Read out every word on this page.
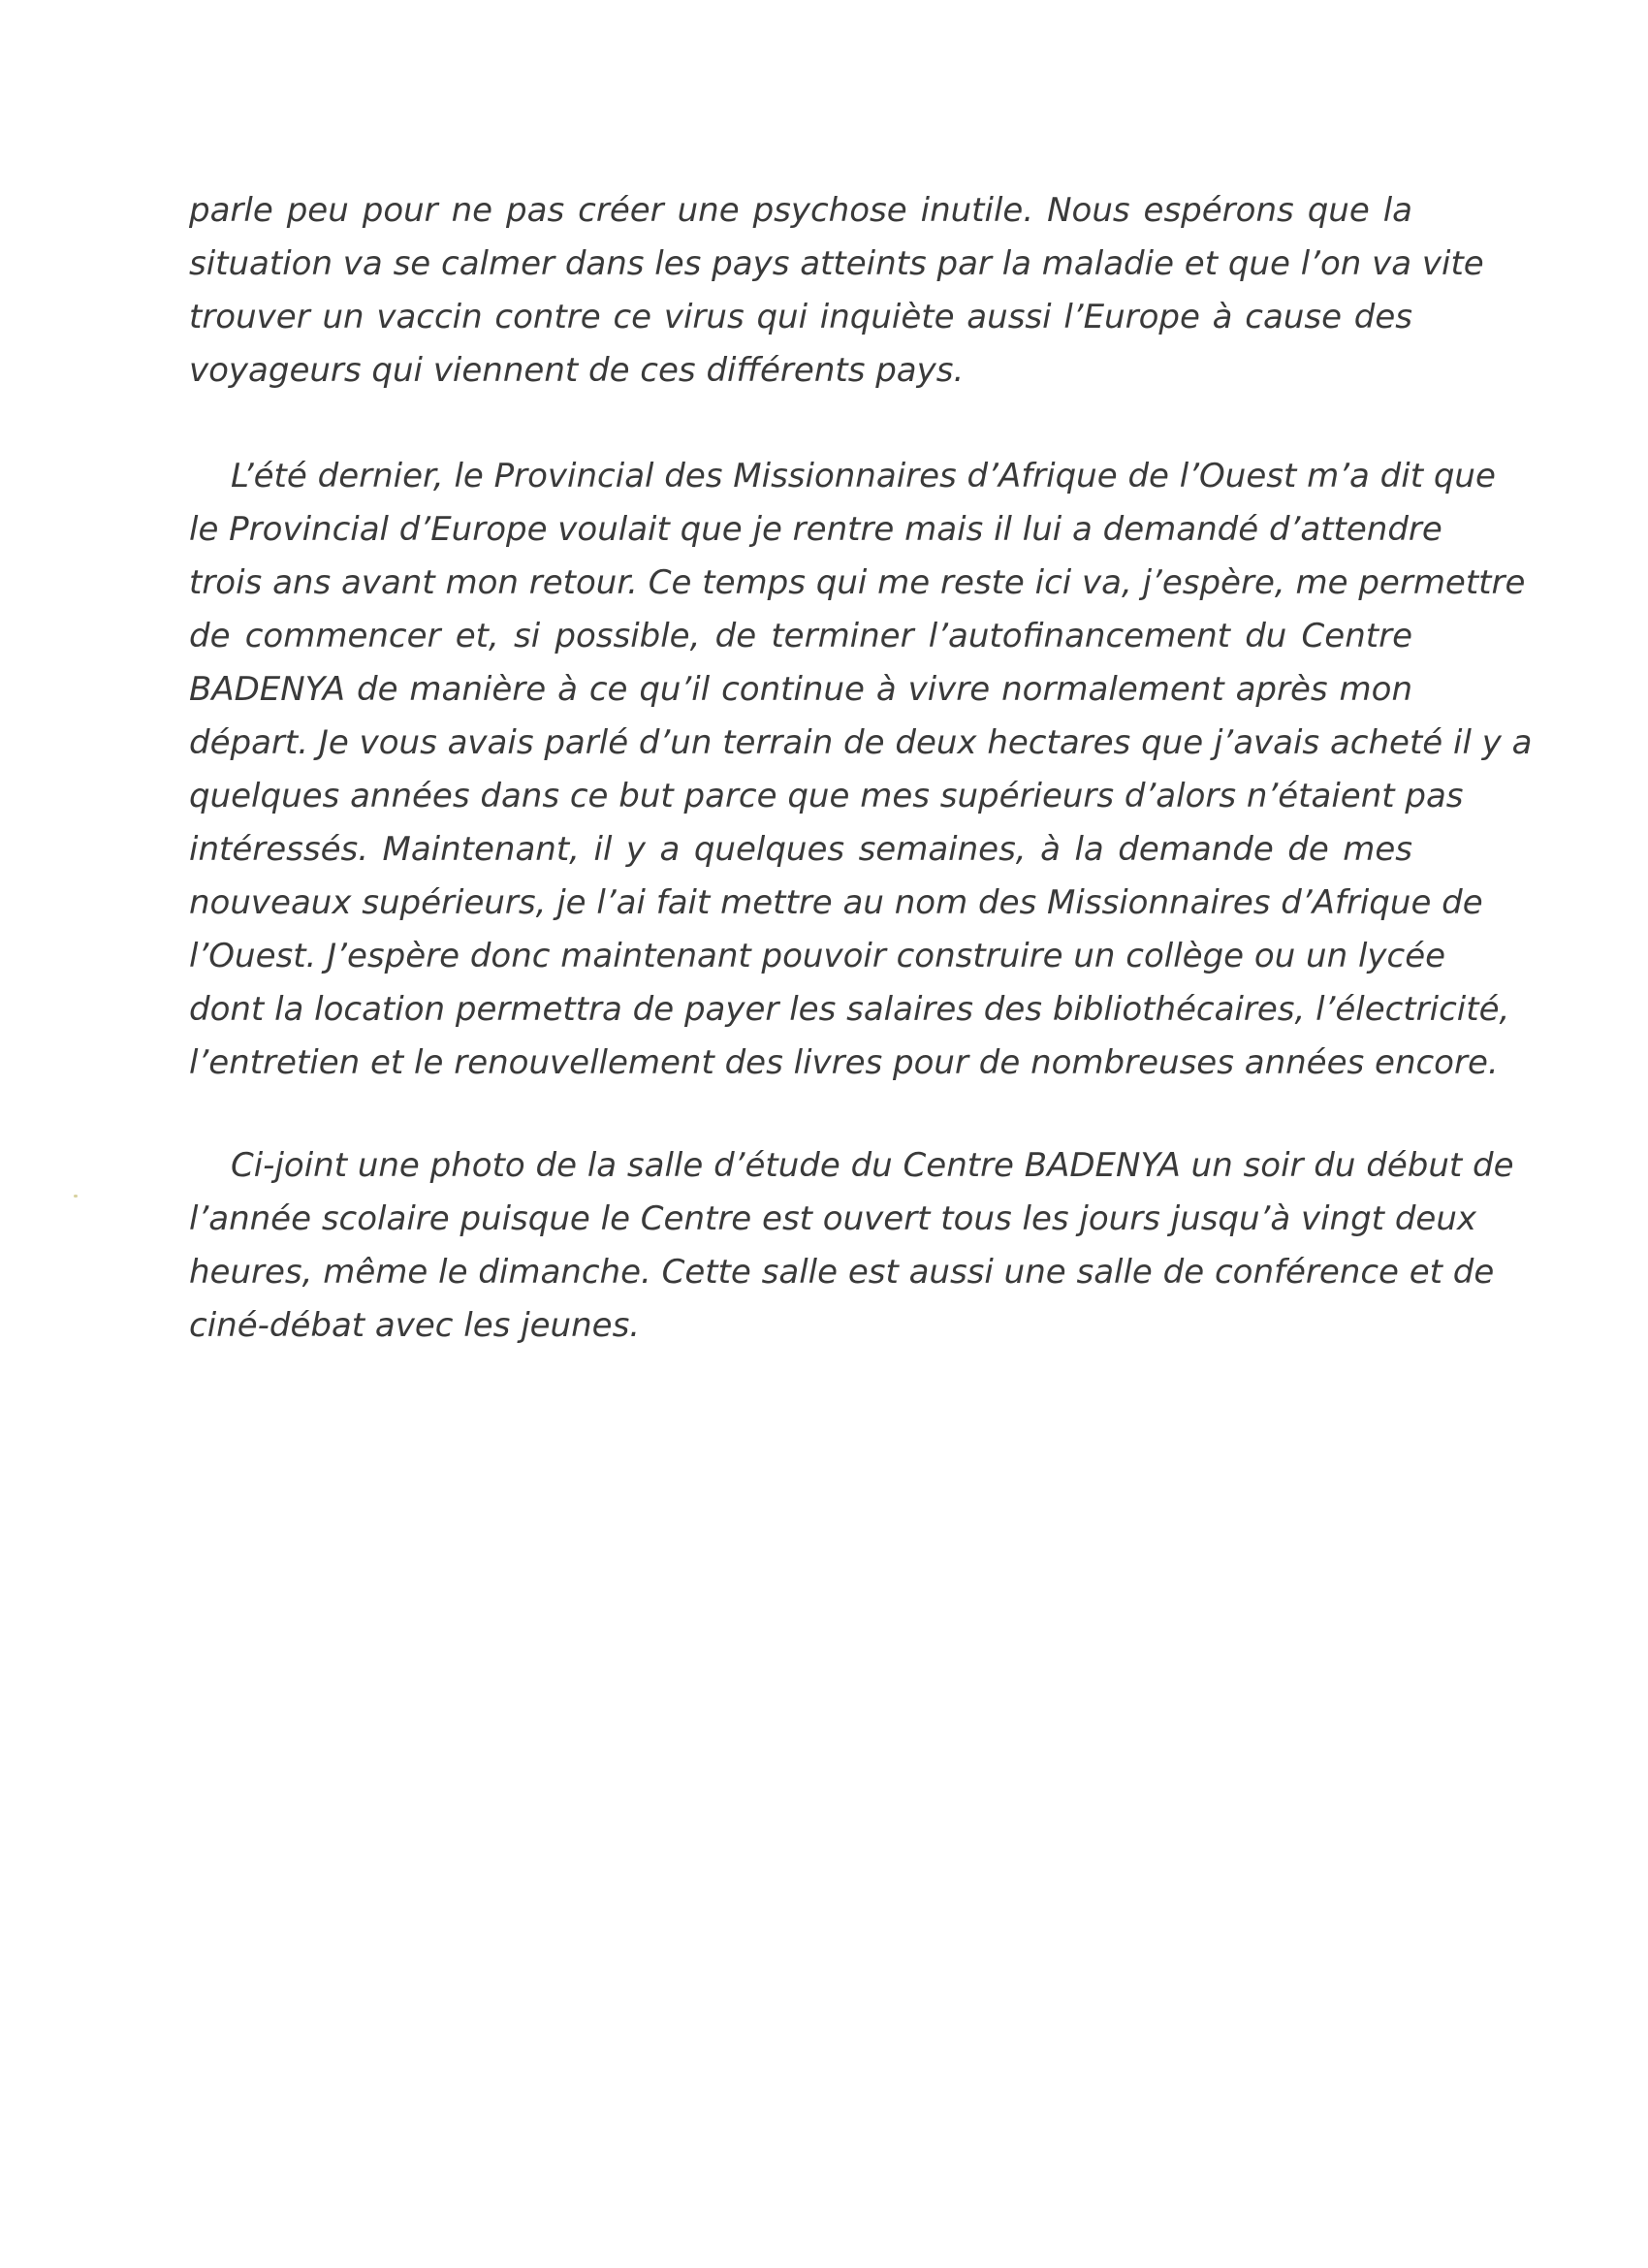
parle peu pour ne pas créer une psychose inutile. Nous espérons que la
situation va se calmer dans les pays atteints par la maladie et que l’on va vite
trouver un vaccin contre ce virus qui inquiète aussi l’Europe à cause des
voyageurs qui viennent de ces différents pays.
L’été dernier, le Provincial des Missionnaires d’Afrique de l’Ouest m’a dit que
le Provincial d’Europe voulait que je rentre mais il lui a demandé d’attendre
trois ans avant mon retour. Ce temps qui me reste ici va, j’espère, me permettre
de commencer et, si possible, de terminer l’autofinancement du Centre
BADENYA de manière à ce qu’il continue à vivre normalement après mon
départ. Je vous avais parlé d’un terrain de deux hectares que j’avais acheté il y a
quelques années dans ce but parce que mes supérieurs d’alors n’étaient pas
intéressés. Maintenant, il y a quelques semaines, à la demande de mes
nouveaux supérieurs, je l’ai fait mettre au nom des Missionnaires d’Afrique de
l’Ouest. J’espère donc maintenant pouvoir construire un collège ou un lycée
dont la location permettra de payer les salaires des bibliothécaires, l’électricité,
l’entretien et le renouvellement des livres pour de nombreuses années encore.
Ci-joint une photo de la salle d’étude du Centre BADENYA un soir du début de
l’année scolaire puisque le Centre est ouvert tous les jours jusqu’à vingt deux
heures, même le dimanche. Cette salle est aussi une salle de conférence et de
ciné-débat avec les jeunes.
